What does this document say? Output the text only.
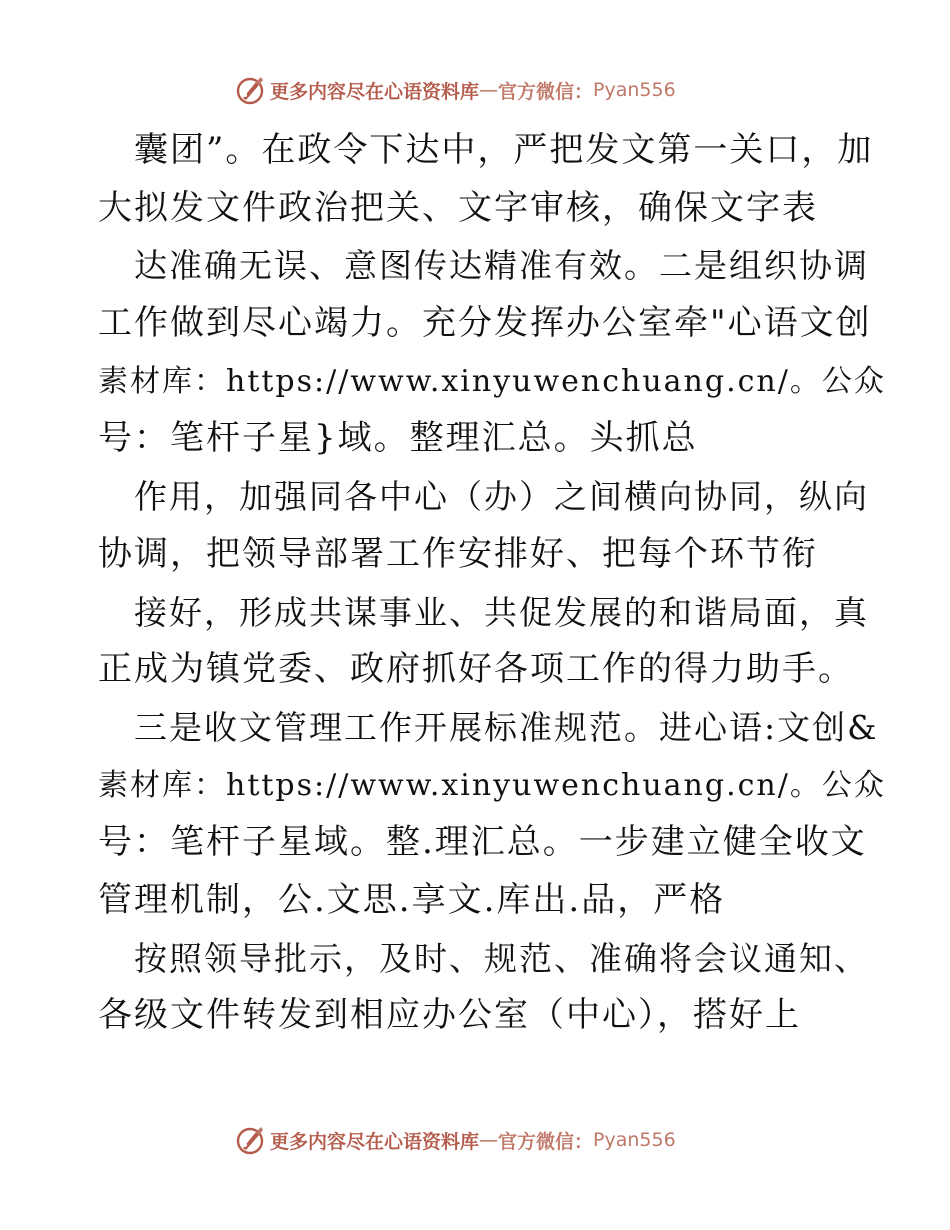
更多内容尽在心语资料库 — 官方微信： Pyan556
囊团”。在政令下达中，严把发文第一关口，加
大拟发文件政治把关、文字审核，确保文字表
达准确无误、意图传达精准有效。二是组织协调
工作做到尽心竭力。充分发挥办公室牵"心语文创
素材库：https://www.xinyuwenchuang.cn/。公众
号：笔杆子星}域。整理汇总。头抓总
作用，加强同各中心（办）之间横向协同，纵向
协调，把领导部署工作安排好、把每个环节衔
接好，形成共谋事业、共促发展的和谐局面，真
正成为镇党委、政府抓好各项工作的得力助手。
三是收文管理工作开展标准规范。进心语:文创&
素材库：https://www.xinyuwenchuang.cn/。公众
号：笔杆子星域。整.理汇总。一步建立健全收文
管理机制，公.文思.享文.库出.品，严格
按照领导批示，及时、规范、准确将会议通知、
各级文件转发到相应办公室（中心），搭好上
更多内容尽在心语资料库 — 官方微信： Pyan556
